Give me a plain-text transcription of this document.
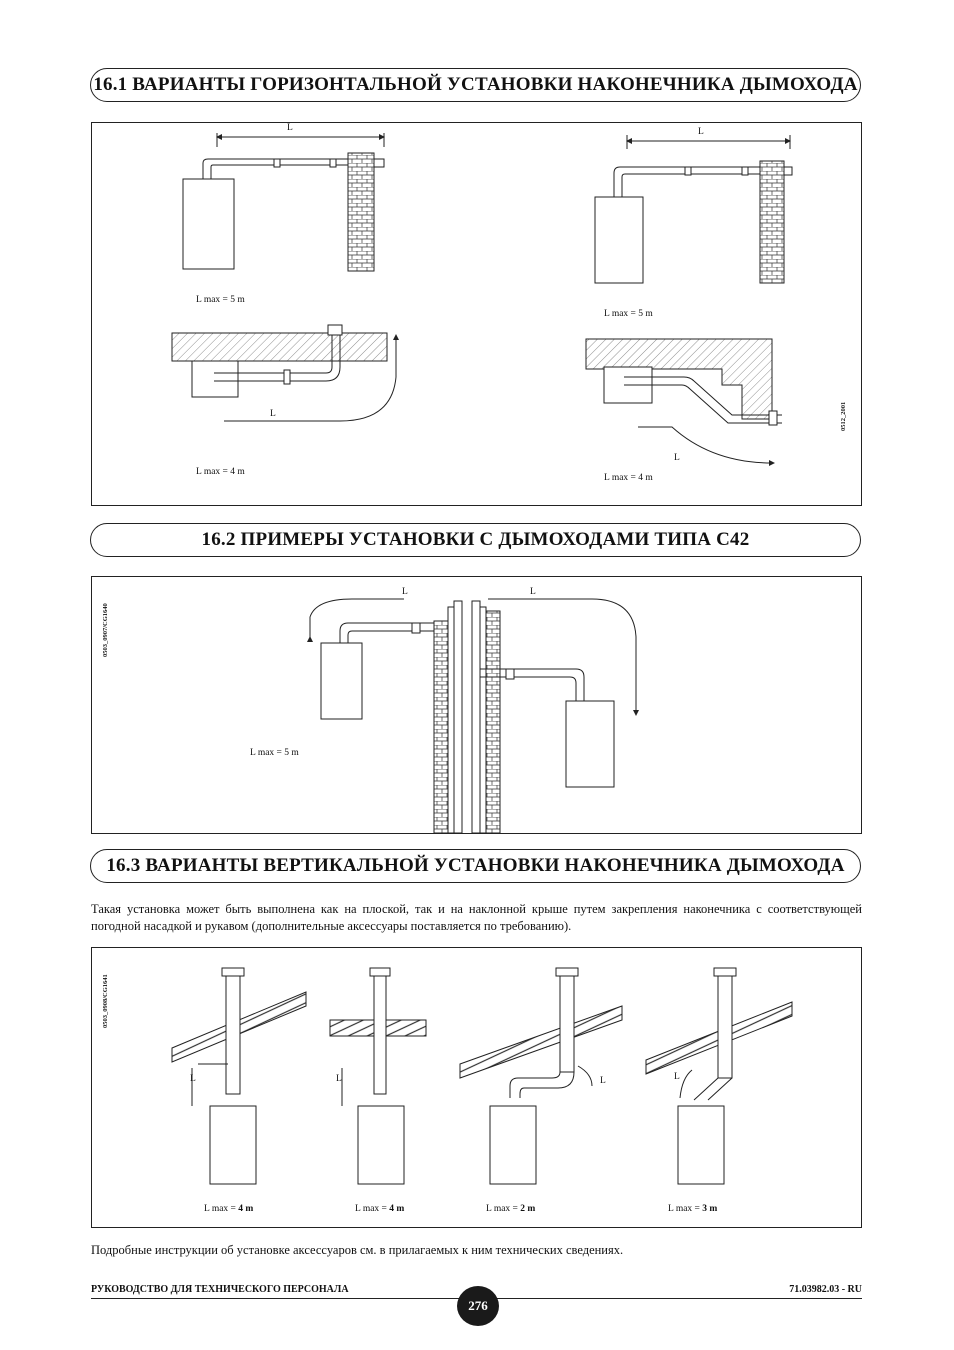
16.1 ВАРИАНТЫ ГОРИЗОНТАЛЬНОЙ УСТАНОВКИ НАКОНЕЧНИКА ДЫМОХОДА
L	L
L
L
L max = 5 m
L max = 5 m
L max = 4 m
L max = 4 m
0512_2001
16.2 ПРИМЕРЫ УСТАНОВКИ С ДЫМОХОДАМИ ТИПА С42
L	L
L max = 5 m
0503_0907/CG1640
16.3 ВАРИАНТЫ ВЕРТИКАЛЬНОЙ УСТАНОВКИ НАКОНЕЧНИКА ДЫМОХОДА
Такая установка может быть выполнена как на плоской, так и на наклонной крыше путем закрепления наконечника с соответствующей погодной насадкой и рукавом (дополнительные аксессуары поставляется по требованию).
L	L	L	L
L max = 4 m	L max = 4 m	L max = 2 m	L max = 3 m
0503_0908/CG1641
Подробные инструкции об установке аксессуаров см. в прилагаемых к ним технических сведениях.
РУКОВОДСТВО ДЛЯ ТЕХНИЧЕСКОГО ПЕРСОНАЛА
276
71.03982.03 - RU
